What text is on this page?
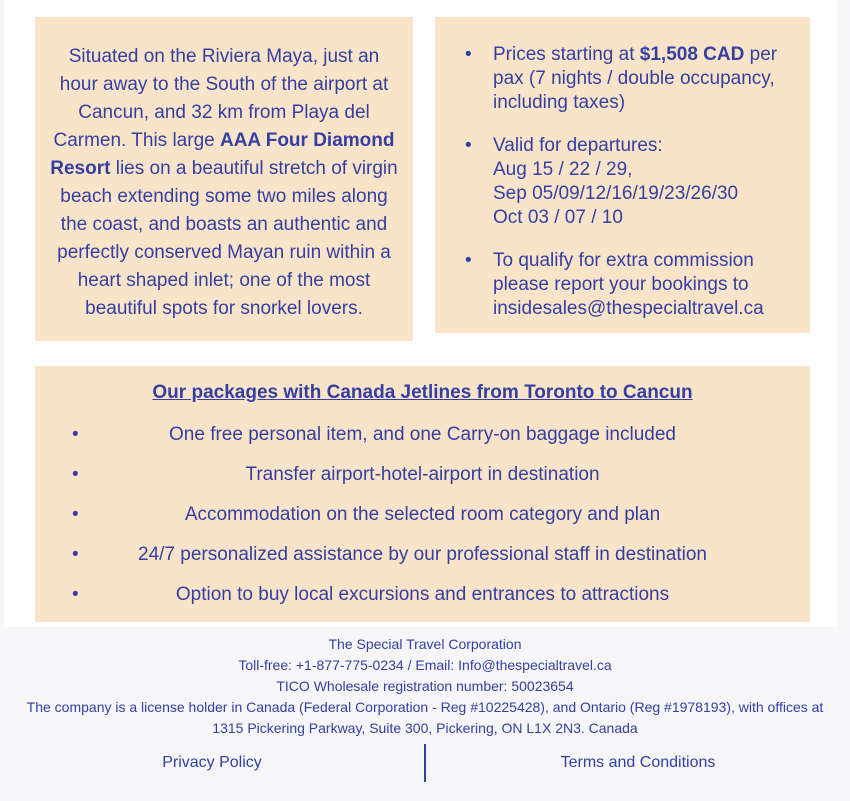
Situated on the Riviera Maya, just an hour away to the South of the airport at Cancun, and 32 km from Playa del Carmen. This large AAA Four Diamond Resort lies on a beautiful stretch of virgin beach extending some two miles along the coast, and boasts an authentic and perfectly conserved Mayan ruin within a heart shaped inlet; one of the most beautiful spots for snorkel lovers.
• Prices starting at $1,508 CAD per pax (7 nights / double occupancy, including taxes)
• Valid for departures:
Aug 15 / 22 / 29,
Sep 05/09/12/16/19/23/26/30
Oct 03 / 07 / 10
• To qualify for extra commission please report your bookings to insidesales@thespecialtravel.ca
Our packages with Canada Jetlines from Toronto to Cancun
•	One free personal item, and one Carry-on baggage included
•	Transfer airport-hotel-airport in destination
•	Accommodation on the selected room category and plan
•	24/7 personalized assistance by our professional staff in destination
•	Option to buy local excursions and entrances to attractions
The Special Travel Corporation
Toll-free: +1-877-775-0234 / Email: Info@thespecialtravel.ca
TICO Wholesale registration number: 50023654
The company is a license holder in Canada (Federal Corporation - Reg #10225428), and Ontario (Reg #1978193), with offices at
1315 Pickering Parkway, Suite 300, Pickering, ON L1X 2N3. Canada
Privacy Policy	Terms and Conditions
